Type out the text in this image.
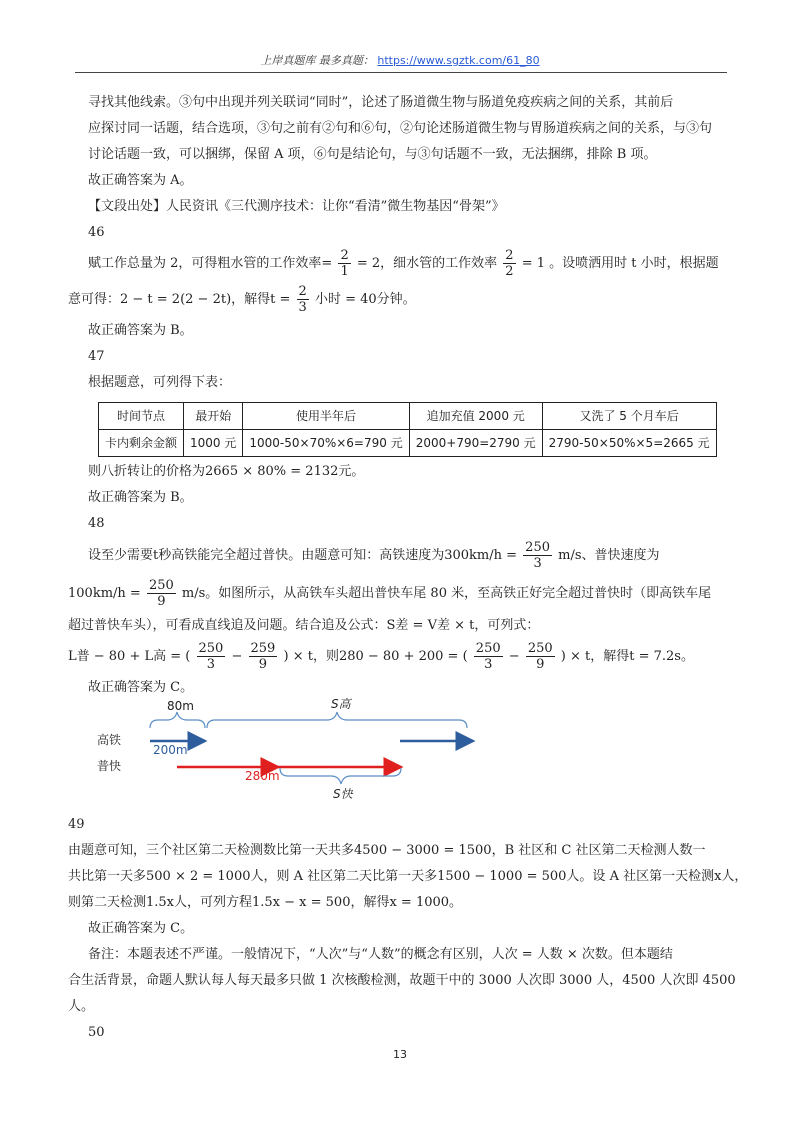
上岸真题库 最多真题： https://www.sgztk.com/61_80
寻找其他线索。③句中出现并列关联词“同时”，论述了肠道微生物与肠道免疫疾病之间的关系，其前后
应探讨同一话题，结合选项，③句之前有②句和⑥句，②句论述肠道微生物与胃肠道疾病之间的关系，与③句
讨论话题一致，可以捆绑，保留 A 项，⑥句是结论句，与③句话题不一致，无法捆绑，排除 B 项。
故正确答案为 A。
【文段出处】人民资讯《三代测序技术：让你“看清”微生物基因“骨架”》
46
赋工作总量为 2，可得粗水管的工作效率= $\frac{2}{1} = 2$，细水管的工作效率 $\frac{2}{2} = 1$ 。设喷洒用时 t 小时，根据题
意可得：2 − t = 2(2 − 2t)，解得$t = \frac{2}{3}$ 小时 = 40分钟。
故正确答案为 B。
47
根据题意，可列得下表：
时间节点	最开始	使用半年后	追加充值 2000 元	又洗了 5 个月车后
卡内剩余金额	1000 元	1000-50×70%×6=790 元	2000+790=2790 元	2790-50×50%×5=2665 元
则八折转让的价格为2665 × 80% = 2132元。
故正确答案为 B。
48
设至少需要t秒高铁能完全超过普快。由题意可知：高铁速度为$300km/h = \frac{250}{3} m/s$、普快速度为
$100km/h = \frac{250}{9} m/s$。如图所示，从高铁车头超出普快车尾 80 米，至高铁正好完全超过普快时（即高铁车尾
超过普快车头），可看成直线追及问题。结合追及公式：S差 = V差 × t，可列式：
L普 − 80 + L高 = ( $\frac{250}{3} - \frac{259}{9}$ ) × t，则280 − 80 + 200 = ( $\frac{250}{3} - \frac{250}{9}$ ) × t，解得t = 7.2s。
故正确答案为 C。
80m	S高
高铁
200m
普快
280m
S快
49
由题意可知，三个社区第二天检测数比第一天共多4500 − 3000 = 1500，B 社区和 C 社区第二天检测人数一
共比第一天多500 × 2 = 1000人，则 A 社区第二天比第一天多1500 − 1000 = 500人。设 A 社区第一天检测x人，
则第二天检测1.5x人，可列方程1.5x − x = 500，解得x = 1000。
故正确答案为 C。
备注：本题表述不严谨。一般情况下，“人次”与“人数”的概念有区别，人次 = 人数 × 次数。但本题结
合生活背景，命题人默认每人每天最多只做 1 次核酸检测，故题干中的 3000 人次即 3000 人，4500 人次即 4500
人。
50
13
